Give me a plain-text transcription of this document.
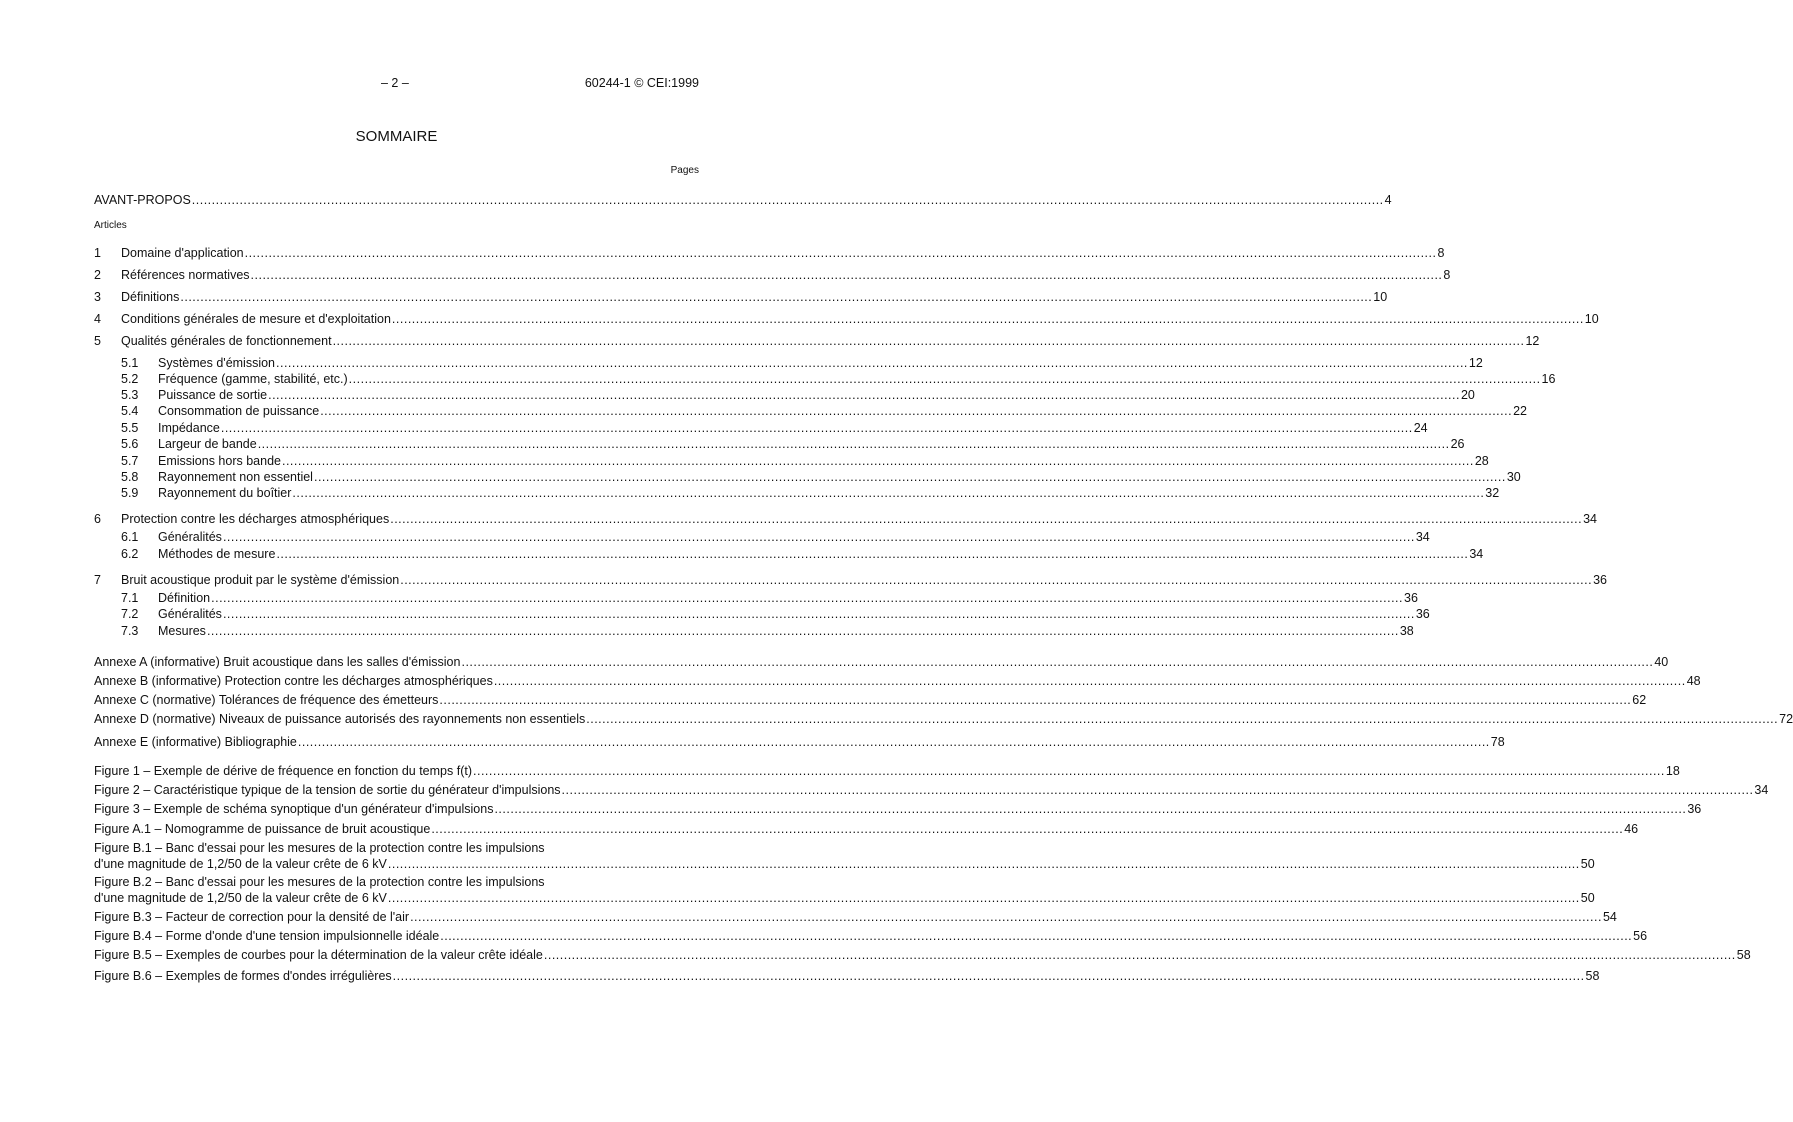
– 2 –	60244-1 © CEI:1999
SOMMAIRE
Pages
Articles
AVANT-PROPOS ............................................................................................................................................................................................................................................................................................................ 4
1	Domaine d'application ............................................................................................................................................................................................................................................................................................................ 8
2	Références normatives ............................................................................................................................................................................................................................................................................................................ 8
3	Définitions ............................................................................................................................................................................................................................................................................................................ 10
4	Conditions générales de mesure et d'exploitation ............................................................................................................................................................................................................................................................................................................ 10
5	Qualités générales de fonctionnement ............................................................................................................................................................................................................................................................................................................ 12
5.1	Systèmes d'émission ............................................................................................................................................................................................................................................................................................................ 12
5.2	Fréquence (gamme, stabilité, etc.) ............................................................................................................................................................................................................................................................................................................ 16
5.3	Puissance de sortie ............................................................................................................................................................................................................................................................................................................ 20
5.4	Consommation de puissance ............................................................................................................................................................................................................................................................................................................ 22
5.5	Impédance ............................................................................................................................................................................................................................................................................................................ 24
5.6	Largeur de bande ............................................................................................................................................................................................................................................................................................................ 26
5.7	Emissions hors bande ............................................................................................................................................................................................................................................................................................................ 28
5.8	Rayonnement non essentiel ............................................................................................................................................................................................................................................................................................................ 30
5.9	Rayonnement du boîtier ............................................................................................................................................................................................................................................................................................................ 32
6	Protection contre les décharges atmosphériques ............................................................................................................................................................................................................................................................................................................ 34
6.1	Généralités ............................................................................................................................................................................................................................................................................................................ 34
6.2	Méthodes de mesure ............................................................................................................................................................................................................................................................................................................ 34
7	Bruit acoustique produit par le système d'émission ............................................................................................................................................................................................................................................................................................................ 36
7.1	Définition ............................................................................................................................................................................................................................................................................................................ 36
7.2	Généralités ............................................................................................................................................................................................................................................................................................................ 36
7.3	Mesures ............................................................................................................................................................................................................................................................................................................ 38
Annexe A (informative) Bruit acoustique dans les salles d'émission ............................................................................................................................................................................................................................................................................................................ 40
Annexe B (informative) Protection contre les décharges atmosphériques ............................................................................................................................................................................................................................................................................................................ 48
Annexe C (normative) Tolérances de fréquence des émetteurs ............................................................................................................................................................................................................................................................................................................ 62
Annexe D (normative) Niveaux de puissance autorisés des rayonnements non essentiels ............................................................................................................................................................................................................................................................................................................ 72
Annexe E (informative) Bibliographie ............................................................................................................................................................................................................................................................................................................ 78
Figure 1 – Exemple de dérive de fréquence en fonction du temps f(t) ............................................................................................................................................................................................................................................................................................................ 18
Figure 2 – Caractéristique typique de la tension de sortie du générateur d'impulsions ............................................................................................................................................................................................................................................................................................................ 34
Figure 3 – Exemple de schéma synoptique d'un générateur d'impulsions ............................................................................................................................................................................................................................................................................................................ 36
Figure A.1 – Nomogramme de puissance de bruit acoustique ............................................................................................................................................................................................................................................................................................................ 46
Figure B.1 – Banc d'essai pour les mesures de la protection contre les impulsions
d'une magnitude de 1,2/50 de la valeur crête de 6 kV ............................................................................................................................................................................................................................................................................................................ 50
Figure B.2 – Banc d'essai pour les mesures de la protection contre les impulsions
d'une magnitude de 1,2/50 de la valeur crête de 6 kV ............................................................................................................................................................................................................................................................................................................ 50
Figure B.3 – Facteur de correction pour la densité de l'air ............................................................................................................................................................................................................................................................................................................ 54
Figure B.4 – Forme d'onde d'une tension impulsionnelle idéale ............................................................................................................................................................................................................................................................................................................ 56
Figure B.5 – Exemples de courbes pour la détermination de la valeur crête idéale ............................................................................................................................................................................................................................................................................................................ 58
Figure B.6 – Exemples de formes d'ondes irrégulières ............................................................................................................................................................................................................................................................................................................ 58
